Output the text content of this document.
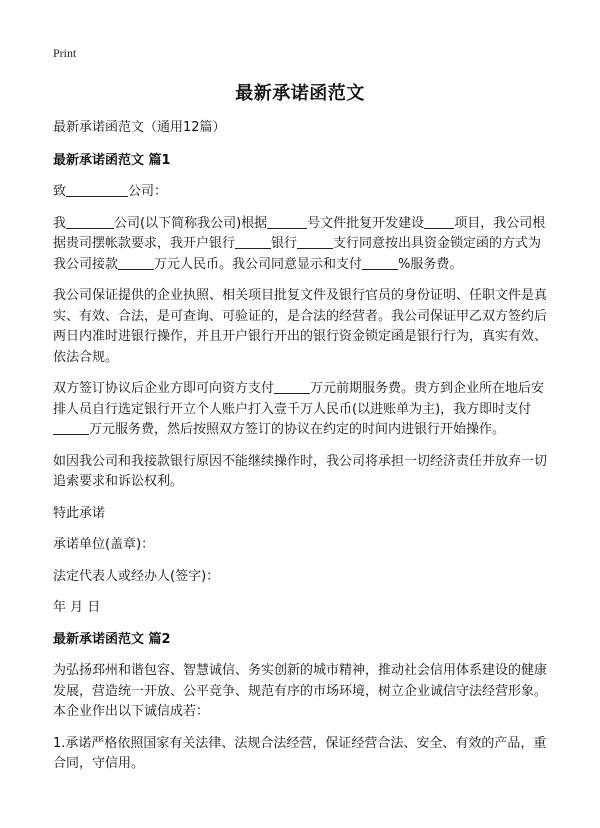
Print
最新承诺函范文

最新承诺函范文（通用12篇）

最新承诺函范文 篇1

致	公司：

我	公司(以下简称我公司)根据	号文件批复开发建设 项目，我公司根据贵司摆帐款要求，我开户银行	银行	支行同意按出具资金锁定函的方式为我公司接款	万元人民币。我公司同意显示和支付	%服务费。

我公司保证提供的企业执照、相关项目批复文件及银行官员的身份证明、任职文件是真实、有效、合法，是可查询、可验证的，是合法的经营者。我公司保证甲乙双方签约后两日内准时进银行操作，并且开户银行开出的银行资金锁定函是银行行为，真实有效、依法合规。

双方签订协议后企业方即可向资方支付	万元前期服务费。贵方到企业所在地后安排人员自行选定银行开立个人账户打入壹千万人民币(以进账单为主)，我方即时支付万元服务费，然后按照双方签订的协议在约定的时间内进银行开始操作。

如因我公司和我接款银行原因不能继续操作时，我公司将承担一切经济责任并放弃一切追索要求和诉讼权利。

特此承诺

承诺单位(盖章)：

法定代表人或经办人(签字)：

年 月 日

最新承诺函范文 篇2

为弘扬邳州和谐包容、智慧诚信、务实创新的城市精神，推动社会信用体系建设的健康发展，营造统一开放、公平竞争、规范有序的市场环境，树立企业诚信守法经营形象。本企业作出以下诚信成若：

1.承诺严格依照国家有关法律、法规合法经营，保证经营合法、安全、有效的产品，重合同，守信用。
